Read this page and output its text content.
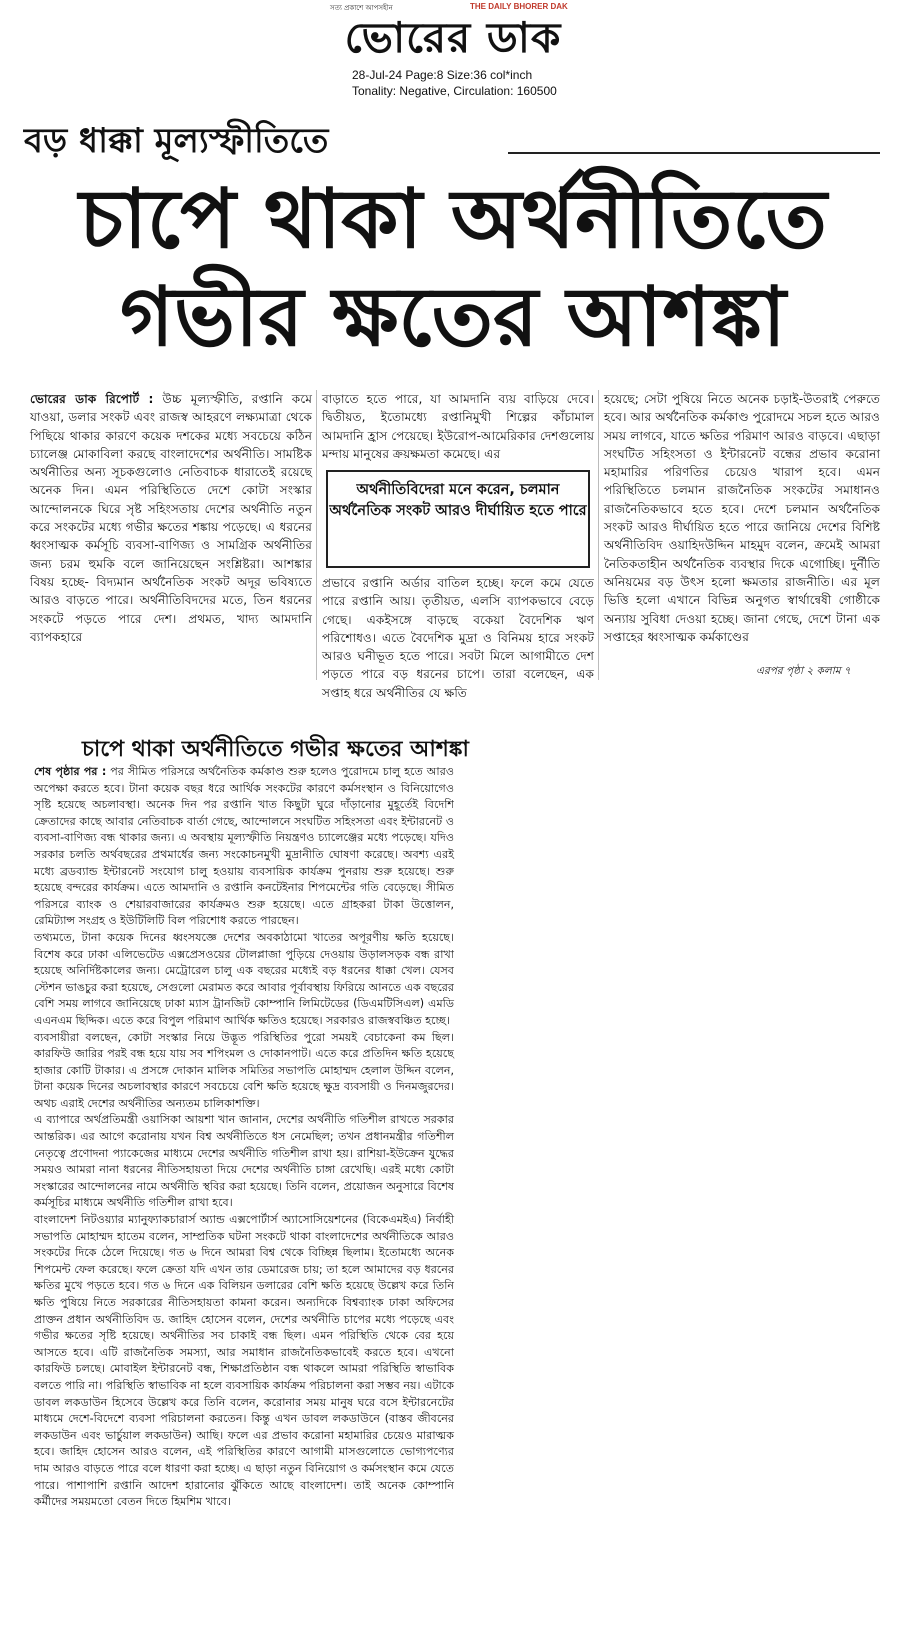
সত্য প্রকাশে আপসহীন	THE DAILY BHORER DAK
ভোরের ডাক
28-Jul-24 Page:8 Size:36 col*inch
Tonality: Negative, Circulation: 160500
বড় ধাক্কা মূল্যস্ফীতিতে
চাপে থাকা অর্থনীতিতে
গভীর ক্ষতের আশঙ্কা
ভোরের ডাক রিপোর্ট : উচ্চ মূল্যস্ফীতি, রপ্তানি কমে যাওয়া, ডলার সংকট এবং রাজস্ব আহরণে লক্ষ্যমাত্রা থেকে পিছিয়ে থাকার কারণে কয়েক দশকের মধ্যে সবচেয়ে কঠিন চ্যালেঞ্জ মোকাবিলা করছে বাংলাদেশের অর্থনীতি। সামষ্টিক অর্থনীতির অন্য সূচকগুলোও নেতিবাচক ধারাতেই রয়েছে অনেক দিন। এমন পরিস্থিতিতে দেশে কোটা সংস্কার আন্দোলনকে ঘিরে সৃষ্ট সহিংসতায় দেশের অর্থনীতি নতুন করে সংকটের মধ্যে গভীর ক্ষতের শঙ্কায় পড়েছে। এ ধরনের ধ্বংসাত্মক কর্মসূচি ব্যবসা-বাণিজ্য ও সামগ্রিক অর্থনীতির জন্য চরম হুমকি বলে জানিয়েছেন সংশ্লিষ্টরা। আশঙ্কার বিষয় হচ্ছে- বিদ্যমান অর্থনৈতিক সংকট অদূর ভবিষ্যতে আরও বাড়তে পারে। অর্থনীতিবিদদের মতে, তিন ধরনের সংকটে পড়তে পারে দেশ। প্রথমত, খাদ্য আমদানি ব্যাপকহারে
বাড়াতে হতে পারে, যা আমদানি ব্যয় বাড়িয়ে দেবে। দ্বিতীয়ত, ইতোমধ্যে রপ্তানিমুখী শিল্পের কাঁচামাল আমদানি হ্রাস পেয়েছে। ইউরোপ-আমেরিকার দেশগুলোয় মন্দায় মানুষের ক্রয়ক্ষমতা কমেছে। এর
অর্থনীতিবিদেরা মনে করেন, চলমান অর্থনৈতিক সংকট আরও দীর্ঘায়িত হতে পারে
প্রভাবে রপ্তানি অর্ডার বাতিল হচ্ছে। ফলে কমে যেতে পারে রপ্তানি আয়। তৃতীয়ত, এলসি ব্যাপকভাবে বেড়ে গেছে। একইসঙ্গে বাড়ছে বকেয়া বৈদেশিক ঋণ পরিশোধও। এতে বৈদেশিক মুদ্রা ও বিনিময় হারে সংকট আরও ঘনীভূত হতে পারে। সবটা মিলে আগামীতে দেশ পড়তে পারে বড় ধরনের চাপে। তারা বলেছেন, এক সপ্তাহ ধরে অর্থনীতির যে ক্ষতি
হয়েছে; সেটা পুষিয়ে নিতে অনেক চড়াই-উতরাই পেরুতে হবে। আর অর্থনৈতিক কর্মকাণ্ড পুরোদমে সচল হতে আরও সময় লাগবে, যাতে ক্ষতির পরিমাণ আরও বাড়বে। এছাড়া সংঘটিত সহিংসতা ও ইন্টারনেট বন্ধের প্রভাব করোনা মহামারির পরিণতির চেয়েও খারাপ হবে। এমন পরিস্থিতিতে চলমান রাজনৈতিক সংকটের সমাধানও রাজনৈতিকভাবে হতে হবে। দেশে চলমান অর্থনৈতিক সংকট আরও দীর্ঘায়িত হতে পারে জানিয়ে দেশের বিশিষ্ট অর্থনীতিবিদ ওয়াহিদউদ্দিন মাহমুদ বলেন, ক্রমেই আমরা নৈতিকতাহীন অর্থনৈতিক ব্যবস্থার দিকে এগোচ্ছি। দুর্নীতি অনিয়মের বড় উৎস হলো ক্ষমতার রাজনীতি। এর মূল ভিত্তি হলো এখানে বিভিন্ন অনুগত স্বার্থান্বেষী গোষ্ঠীকে অন্যায় সুবিধা দেওয়া হচ্ছে। জানা গেছে, দেশে টানা এক সপ্তাহের ধ্বংসাত্মক কর্মকাণ্ডের
এরপর পৃষ্ঠা ২ কলাম ৭
চাপে থাকা অর্থনীতিতে গভীর ক্ষতের আশঙ্কা

শেষ পৃষ্ঠার পর : পর সীমিত পরিসরে অর্থনৈতিক কর্মকাণ্ড শুরু হলেও পুরোদমে চালু হতে আরও অপেক্ষা করতে হবে। টানা কয়েক বছর ধরে আর্থিক সংকটের কারণে কর্মসংস্থান ও বিনিয়োগেও সৃষ্টি হয়েছে অচলাবস্থা। অনেক দিন পর রপ্তানি খাত কিছুটা ঘুরে দাঁড়ানোর মুহূর্তেই বিদেশি ক্রেতাদের কাছে আবার নেতিবাচক বার্তা গেছে, আন্দোলনে সংঘটিত সহিংসতা এবং ইন্টারনেট ও ব্যবসা-বাণিজ্য বন্ধ থাকার জন্য। এ অবস্থায় মূল্যস্ফীতি নিয়ন্ত্রণও চ্যালেঞ্জের মধ্যে পড়েছে। যদিও সরকার চলতি অর্থবছরের প্রথমার্ধের জন্য সংকোচনমুখী মুদ্রানীতি ঘোষণা করেছে। অবশ্য এরই মধ্যে ব্রডব্যান্ড ইন্টারনেট সংযোগ চালু হওয়ায় ব্যবসায়িক কার্যক্রম পুনরায় শুরু হয়েছে। শুরু হয়েছে বন্দরের কার্যক্রম। এতে আমদানি ও রপ্তানি কনটেইনার শিপমেন্টের গতি বেড়েছে। সীমিত পরিসরে ব্যাংক ও শেয়ারবাজারের কার্যক্রমও শুরু হয়েছে। এতে গ্রাহকরা টাকা উত্তোলন, রেমিট্যান্স সংগ্রহ ও ইউটিলিটি বিল পরিশোধ করতে পারছেন।

তথ্যমতে, টানা কয়েক দিনের ধ্বংসযজ্ঞে দেশের অবকাঠামো খাতের অপূরণীয় ক্ষতি হয়েছে। বিশেষ করে ঢাকা এলিভেটেড এক্সপ্রেসওয়ের টোলপ্লাজা পুড়িয়ে দেওয়ায় উড়ালসড়ক বন্ধ রাখা হয়েছে অনির্দিষ্টকালের জন্য। মেট্রোরেল চালু এক বছরের মধ্যেই বড় ধরনের ধাক্কা খেল। যেসব স্টেশন ভাঙচুর করা হয়েছে, সেগুলো মেরামত করে আবার পূর্বাবস্থায় ফিরিয়ে আনতে এক বছরের বেশি সময় লাগবে জানিয়েছে ঢাকা ম্যাস ট্রানজিট কোম্পানি লিমিটেডের (ডিএমটিসিএল) এমডি এএনএম ছিদ্দিক। এতে করে বিপুল পরিমাণ আর্থিক ক্ষতিও হয়েছে। সরকারও রাজস্ববঞ্চিত হচ্ছে।

ব্যবসায়ীরা বলছেন, কোটা সংস্কার নিয়ে উদ্ভূত পরিস্থিতির পুরো সময়ই বেচাকেনা কম ছিল। কারফিউ জারির পরই বন্ধ হয়ে যায় সব শপিংমল ও দোকানপাট। এতে করে প্রতিদিন ক্ষতি হয়েছে হাজার কোটি টাকার। এ প্রসঙ্গে দোকান মালিক সমিতির সভাপতি মোহাম্মদ হেলাল উদ্দিন বলেন, টানা কয়েক দিনের অচলাবস্থার কারণে সবচেয়ে বেশি ক্ষতি হয়েছে ক্ষুদ্র ব্যবসায়ী ও দিনমজুরদের। অথচ এরাই দেশের অর্থনীতির অন্যতম চালিকাশক্তি।

এ ব্যাপারে অর্থপ্রতিমন্ত্রী ওয়াসিকা আয়শা খান জানান, দেশের অর্থনীতি গতিশীল রাখতে সরকার আন্তরিক। এর আগে করোনায় যখন বিশ্ব অর্থনীতিতে ধস নেমেছিল; তখন প্রধানমন্ত্রীর গতিশীল নেতৃত্বে প্রণোদনা প্যাকেজের মাধ্যমে দেশের অর্থনীতি গতিশীল রাখা হয়। রাশিয়া-ইউক্রেন যুদ্ধের সময়ও আমরা নানা ধরনের নীতিসহায়তা দিয়ে দেশের অর্থনীতি চাঙ্গা রেখেছি। এরই মধ্যে কোটা সংস্কারের আন্দোলনের নামে অর্থনীতি স্থবির করা হয়েছে। তিনি বলেন, প্রয়োজন অনুসারে বিশেষ কর্মসূচির মাধ্যমে অর্থনীতি গতিশীল রাখা হবে।

বাংলাদেশ নিটওয়্যার ম্যানুফ্যাকচারার্স অ্যান্ড এক্সপোর্টার্স অ্যাসোসিয়েশনের (বিকেএমইএ) নির্বাহী সভাপতি মোহাম্মদ হাতেম বলেন, সাম্প্রতিক ঘটনা সংকটে থাকা বাংলাদেশের অর্থনীতিকে আরও সংকটের দিকে ঠেলে দিয়েছে। গত ৬ দিনে আমরা বিশ্ব থেকে বিচ্ছিন্ন ছিলাম। ইতোমধ্যে অনেক শিপমেন্ট ফেল করেছে। ফলে ক্রেতা যদি এখন তার ডেমারেজ চায়; তা হলে আমাদের বড় ধরনের ক্ষতির মুখে পড়তে হবে। গত ৬ দিনে এক বিলিয়ন ডলারের বেশি ক্ষতি হয়েছে উল্লেখ করে তিনি ক্ষতি পুষিয়ে নিতে সরকারের নীতিসহায়তা কামনা করেন। অন্যদিকে বিশ্বব্যাংক ঢাকা অফিসের প্রাক্তন প্রধান অর্থনীতিবিদ ড. জাহিদ হোসেন বলেন, দেশের অর্থনীতি চাপের মধ্যে পড়েছে এবং গভীর ক্ষতের সৃষ্টি হয়েছে। অর্থনীতির সব চাকাই বন্ধ ছিল। এমন পরিস্থিতি থেকে বের হয়ে আসতে হবে। এটি রাজনৈতিক সমস্যা, আর সমাধান রাজনৈতিকভাবেই করতে হবে। এখনো কারফিউ চলছে। মোবাইল ইন্টারনেট বন্ধ, শিক্ষাপ্রতিষ্ঠান বন্ধ থাকলে আমরা পরিস্থিতি স্বাভাবিক বলতে পারি না। পরিস্থিতি স্বাভাবিক না হলে ব্যবসায়িক কার্যক্রম পরিচালনা করা সম্ভব নয়। এটাকে ডাবল লকডাউন হিসেবে উল্লেখ করে তিনি বলেন, করোনার সময় মানুষ ঘরে বসে ইন্টারনেটের মাধ্যমে দেশে-বিদেশে ব্যবসা পরিচালনা করতেন। কিন্তু এখন ডাবল লকডাউনে (বাস্তব জীবনের লকডাউন এবং ভার্চুয়াল লকডাউন) আছি। ফলে এর প্রভাব করোনা মহামারির চেয়েও মারাত্মক হবে। জাহিদ হোসেন আরও বলেন, এই পরিস্থিতির কারণে আগামী মাসগুলোতে ভোগ্যপণ্যের দাম আরও বাড়তে পারে বলে ধারণা করা হচ্ছে। এ ছাড়া নতুন বিনিয়োগ ও কর্মসংস্থান কমে যেতে পারে। পাশাপাশি রপ্তানি আদেশ হারানোর ঝুঁকিতে আছে বাংলাদেশ। তাই অনেক কোম্পানি কর্মীদের সময়মতো বেতন দিতে হিমশিম খাবে।
